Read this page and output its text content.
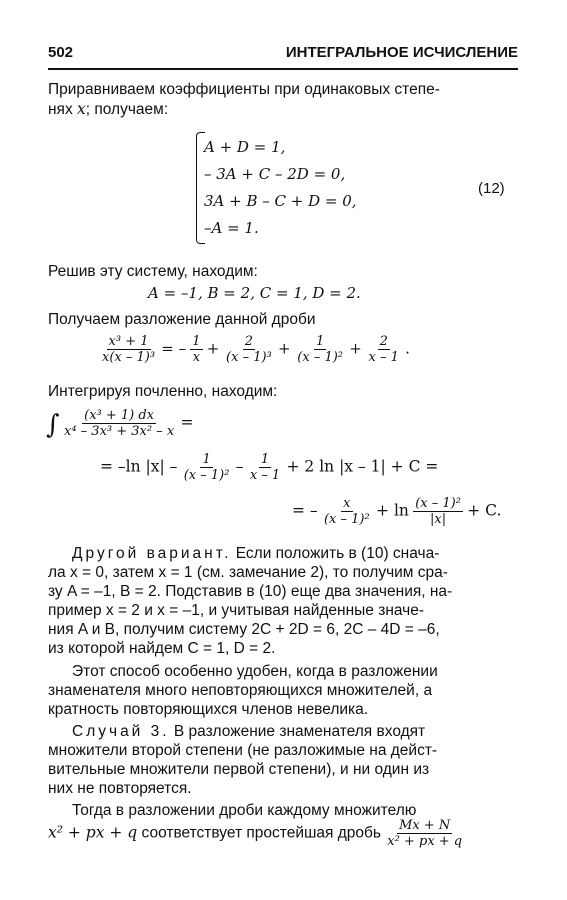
502	ИНТЕГРАЛЬНОЕ ИСЧИСЛЕНИЕ
Приравниваем коэффициенты при одинаковых степе-
нях x; получаем:
A + D = 1,
– 3A + C – 2D = 0,
3A + B – C + D = 0,
–A = 1.
(12)
Решив эту систему, находим:
A = –1, B = 2, C = 1, D = 2.
Получаем разложение данной дроби
$\frac{\text{x³ + 1}}{\text{x(x – 1)³}}$ = – $\frac{1}{x} + \frac{2}{\text{(x – 1)³}} + \frac{1}{\text{(x – 1)²}} + \frac{2}{x - 1}$ .
Интегрируя почленно, находим:
∫ $\frac{\text{(x³ + 1) dx}}{\text{x⁴ – 3x³ + 3x² – x}}$ =
= –ln $|x| - \frac{1}{\text{(x – 1)²}} - \frac{1}{x - 1} + 2$ ln |x – 1| + C =
= – $\frac{x}{\text{(x – 1)²}} + \ln \frac{\text{(x – 1)²}}{|x|} + C$.
Другой вариант. Если положить в (10) снача-
ла x = 0, затем x = 1 (см. замечание 2), то получим сра-
зу A = –1, B = 2. Подставив в (10) еще два значения, на-
пример x = 2 и x = –1, и учитывая найденные значе-
ния A и B, получим систему 2C + 2D = 6, 2C – 4D = –6,
из которой найдем C = 1, D = 2.
Этот способ особенно удобен, когда в разложении
знаменателя много неповторяющихся множителей, а
кратность повторяющихся членов невелика.
Случай 3. В разложение знаменателя входят
множители второй степени (не разложимые на дейст-
вительные множители первой степени), и ни один из
них не повторяется.
Тогда в разложении дроби каждому множителю
x² + px + q соответствует простейшая дробь $\frac{Mx + N}{\text{x² + px + q}}$
